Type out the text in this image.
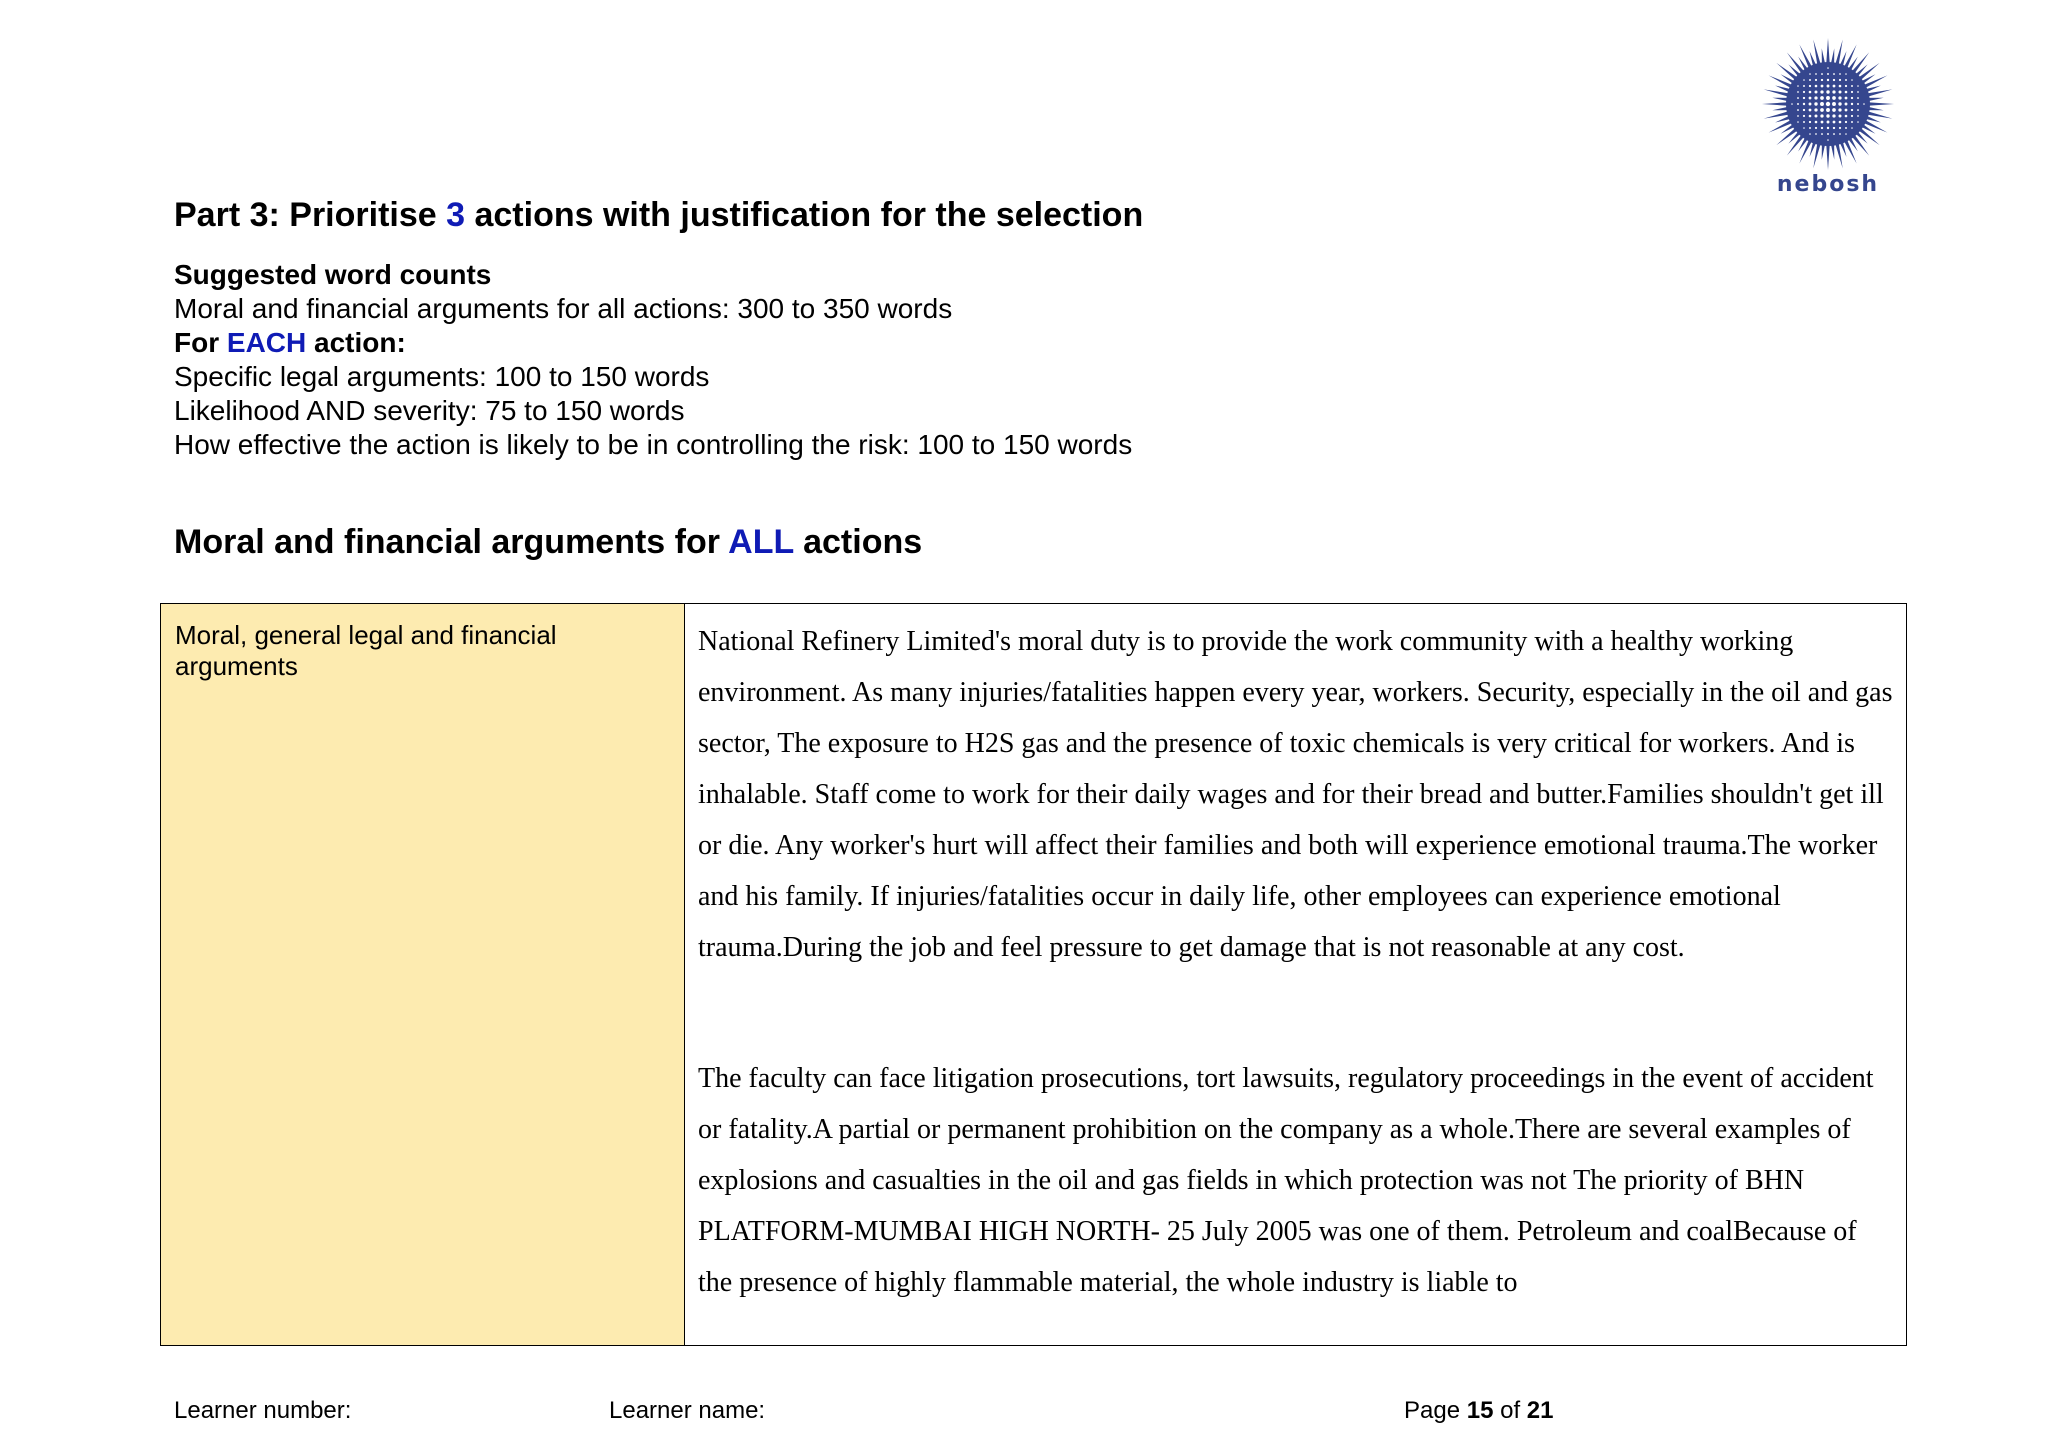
nebosh
Part 3: Prioritise 3 actions with justification for the selection
Suggested word counts
Moral and financial arguments for all actions: 300 to 350 words
For EACH action:
Specific legal arguments: 100 to 150 words
Likelihood AND severity: 75 to 150 words
How effective the action is likely to be in controlling the risk: 100 to 150 words
Moral and financial arguments for ALL actions
Moral, general legal and financial arguments

National Refinery Limited's moral duty is to provide the work community with a healthy working environment. As many injuries/fatalities happen every year, workers. Security, especially in the oil and gas sector, The exposure to H2S gas and the presence of toxic chemicals is very critical for workers. And is inhalable. Staff come to work for their daily wages and for their bread and butter.Families shouldn't get ill or die. Any worker's hurt will affect their families and both will experience emotional trauma.The worker and his family. If injuries/fatalities occur in daily life, other employees can experience emotional trauma.During the job and feel pressure to get damage that is not reasonable at any cost.

The faculty can face litigation prosecutions, tort lawsuits, regulatory proceedings in the event of accident or fatality.A partial or permanent prohibition on the company as a whole.There are several examples of explosions and casualties in the oil and gas fields in which protection was not The priority of BHN PLATFORM-MUMBAI HIGH NORTH- 25 July 2005 was one of them. Petroleum and coalBecause of the presence of highly flammable material, the whole industry is liable to

Learner number:	Learner name:	Page 15 of 21
